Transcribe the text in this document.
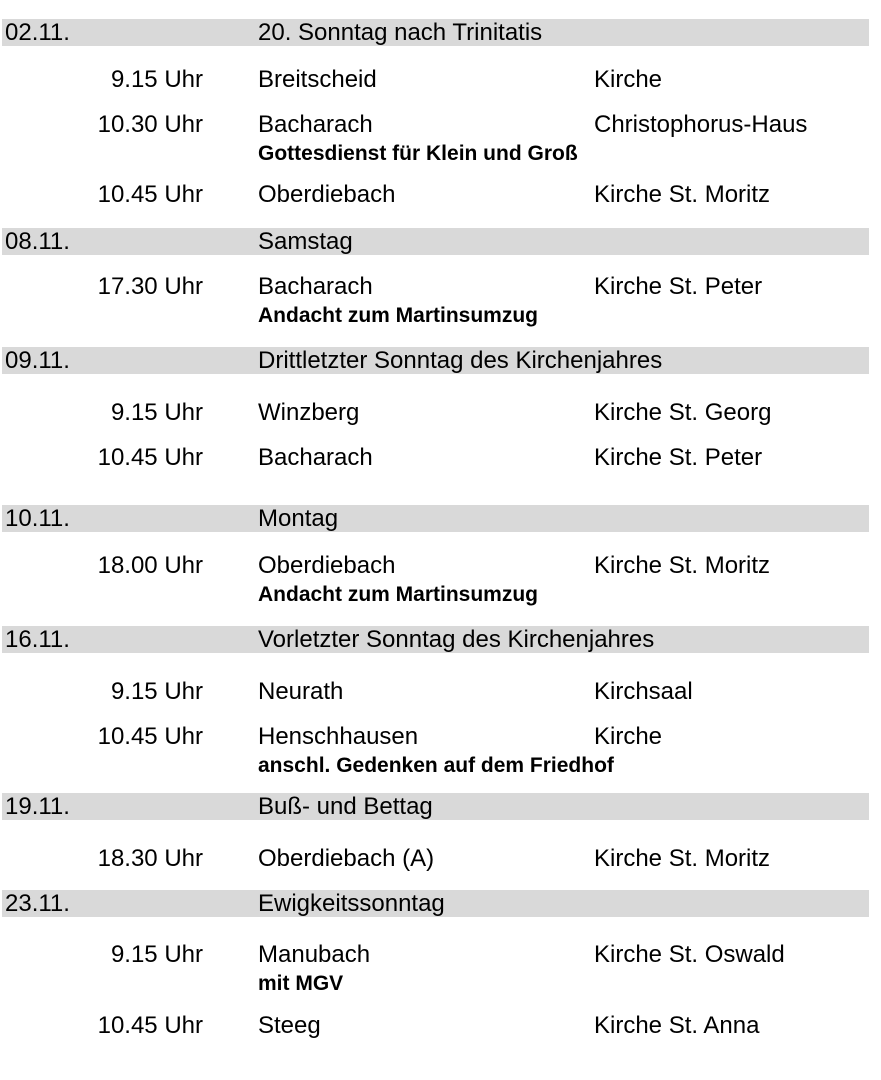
02.11.	20. Sonntag nach Trinitatis
9.15 Uhr Breitscheid	Kirche
10.30 Uhr Bacharach	Christophorus-Haus
Gottesdienst für Klein und Groß
10.45 Uhr Oberdiebach	Kirche St. Moritz
08.11.	Samstag
17.30 Uhr Bacharach	Kirche St. Peter
Andacht zum Martinsumzug
09.11.	Drittletzter Sonntag des Kirchenjahres
9.15 Uhr Winzberg	Kirche St. Georg
10.45 Uhr Bacharach	Kirche St. Peter
10.11.	Montag
18.00 Uhr Oberdiebach	Kirche St. Moritz
Andacht zum Martinsumzug
16.11.	Vorletzter Sonntag des Kirchenjahres
9.15 Uhr Neurath	Kirchsaal
10.45 Uhr Henschhausen	Kirche
anschl. Gedenken auf dem Friedhof
19.11.	Buß- und Bettag
18.30 Uhr Oberdiebach (A)	Kirche St. Moritz
23.11.	Ewigkeitssonntag
9.15 Uhr Manubach	Kirche St. Oswald
mit MGV
10.45 Uhr Steeg	Kirche St. Anna
